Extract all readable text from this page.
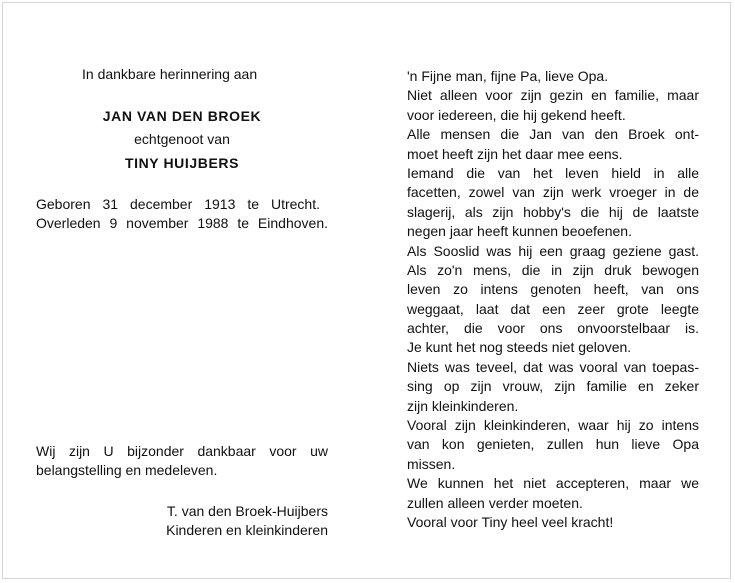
In dankbare herinnering aan
JAN VAN DEN BROEK
echtgenoot van
TINY HUIJBERS
Geboren 31 december 1913 te Utrecht.
Overleden 9 november 1988 te Eindhoven.
Wij zijn U bijzonder dankbaar voor uw
belangstelling en medeleven.
T. van den Broek-Huijbers
Kinderen en kleinkinderen
'n Fijne man, fijne Pa, lieve Opa.
Niet alleen voor zijn gezin en familie, maar
voor iedereen, die hij gekend heeft.
Alle mensen die Jan van den Broek ont-
moet heeft zijn het daar mee eens.
Iemand die van het leven hield in alle
facetten, zowel van zijn werk vroeger in de
slagerij, als zijn hobby's die hij de laatste
negen jaar heeft kunnen beoefenen.
Als Sooslid was hij een graag geziene gast.
Als zo'n mens, die in zijn druk bewogen
leven zo intens genoten heeft, van ons
weggaat, laat dat een zeer grote leegte
achter, die voor ons onvoorstelbaar is.
Je kunt het nog steeds niet geloven.
Niets was teveel, dat was vooral van toepas-
sing op zijn vrouw, zijn familie en zeker
zijn kleinkinderen.
Vooral zijn kleinkinderen, waar hij zo intens
van kon genieten, zullen hun lieve Opa
missen.
We kunnen het niet accepteren, maar we
zullen alleen verder moeten.
Vooral voor Tiny heel veel kracht!
